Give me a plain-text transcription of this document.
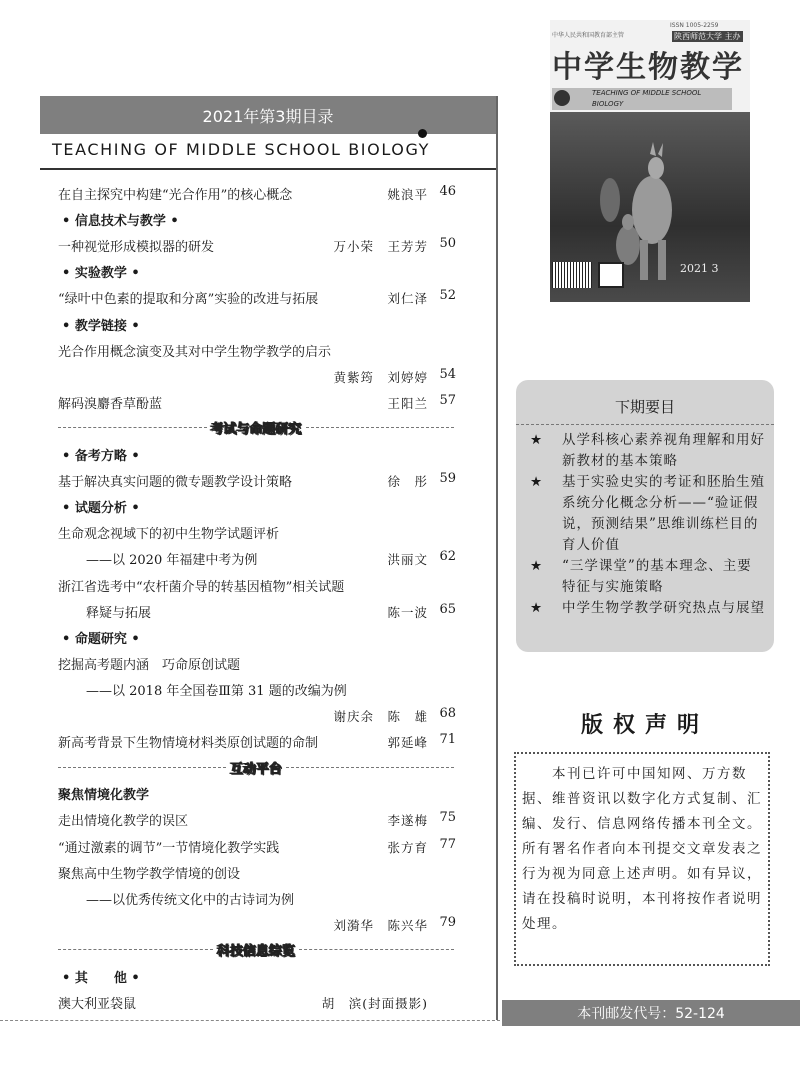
2021年第3期目录
TEACHING OF MIDDLE SCHOOL BIOLOGY
在自主探究中构建“光合作用”的核心概念	姚浪平 46
• 信息技术与教学 •
一种视觉形成模拟器的研发	万小荣　王芳芳 50
• 实验教学 •
“绿叶中色素的提取和分离”实验的改进与拓展	刘仁泽 52
• 教学链接 •
光合作用概念演变及其对中学生物学教学的启示
黄紫筠　刘婷婷 54
解码溴麝香草酚蓝	王阳兰 57
考试与命题研究
• 备考方略 •
基于解决真实问题的微专题教学设计策略	徐　彤 59
• 试题分析 •
生命观念视域下的初中生物学试题评析
——以 2020 年福建中考为例	洪丽文 62
浙江省选考中“农杆菌介导的转基因植物”相关试题
释疑与拓展	陈一波 65
• 命题研究 •
挖掘高考题内涵　巧命原创试题
——以 2018 年全国卷Ⅲ第 31 题的改编为例
谢庆余　陈　雄 68
新高考背景下生物情境材料类原创试题的命制	郭延峰 71
互动平台
聚焦情境化教学
走出情境化教学的误区	李遂梅 75
“通过激素的调节”一节情境化教学实践	张方育 77
聚焦高中生物学教学情境的创设
——以优秀传统文化中的古诗词为例
刘漪华　陈兴华 79
科技信息综览
• 其　　他 •
澳大利亚袋鼠	胡　滨(封面摄影)
中华人民共和国教育部主管
ISSN 1005-2259
陕西师范大学 主办
中学生物教学
TEACHING OF MIDDLE SCHOOL BIOLOGY
2021 3
下期要目
★ 从学科核心素养视角理解和用好新教材的基本策略
★ 基于实验史实的考证和胚胎生殖系统分化概念分析——“验证假说，预测结果”思维训练栏目的育人价值
★ “三学课堂”的基本理念、主要特征与实施策略
★ 中学生物学教学研究热点与展望
版权声明
本刊已许可中国知网、万方数据、维普资讯以数字化方式复制、汇编、发行、信息网络传播本刊全文。所有署名作者向本刊提交文章发表之行为视为同意上述声明。如有异议，请在投稿时说明，本刊将按作者说明处理。
本刊邮发代号：52-124
